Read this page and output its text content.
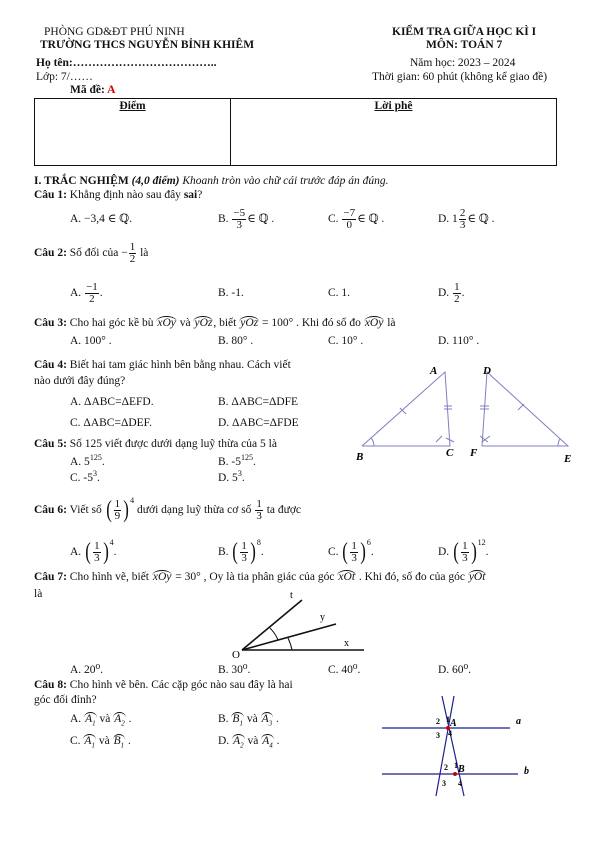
PHÒNG GD&ĐT PHÚ NINH
TRƯỜNG THCS NGUYỄN BỈNH KHIÊM
Họ tên:………………………………..
Lớp: 7/……
Mã đề: A
KIỂM TRA GIỮA HỌC KÌ I
MÔN: TOÁN 7
Năm học: 2023 – 2024
Thời gian: 60 phút (không kể giao đề)
Điểm	Lời phê
I. TRẮC NGHIỆM (4,0 điểm) Khoanh tròn vào chữ cái trước đáp án đúng.
Câu 1: Khẳng định nào sau đây sai?
A. −3,4 ∈ ℚ.	B. $\frac{-5}{3}$ ∈ ℚ .	C. $\frac{-7}{0}$ ∈ ℚ .	D. $1 \frac{2}{3}$ ∈ ℚ .
Câu 2: Số đối của − $\frac{1}{2}$ là
A. $\frac{-1}{2}$ .	B. -1.	C. 1.	D. $\frac{1}{2}$ .
Câu 3: Cho hai góc kề bù xOy và yOz, biết yOz = 100° . Khi đó số đo xOy là
A. 100° .	B. 80° .	C. 10° .	D. 110° .
Câu 4: Biết hai tam giác hình bên bằng nhau. Cách viết
nào dưới đây đúng?
A. ΔABC=ΔEFD.	B. ΔABC=ΔDFE
C. ΔABC=ΔDEF.	D. ΔABC=ΔFDE
A	D
B	C F	E
Câu 5: Số 125 viết được dưới dạng luỹ thừa của 5 là
A. $5^{125}$.	B. $-5^{125}$.
C. $-5^3$.	D. $5^3$.
Câu 6: Viết số ( $\frac{1}{9} )^4$ dưới dạng luỹ thừa cơ số $\frac{1}{3}$ ta được
A. ( $\frac{1}{3} )^4$.	B. ( $\frac{1}{3} )^8$.	C. ( $\frac{1}{3} )^6$.	D. ( $\frac{1}{3} )^{12}$.
Câu 7: Cho hình vẽ, biết xOy = 30° , Oy là tia phân giác của góc xOt . Khi đó, số đo của góc yOt
là	t
y
x
O
A. 20⁰.	B. 30⁰.	C. 40⁰.	D. 60⁰.
Câu 8: Cho hình vẽ bên. Các cặp góc nào sau đây là hai
góc đối đỉnh?
A. $A_1$ và $A_2$ .	B. $B_1$ và $A_3$ .
C. $A_1$ và $B_1$ .	D. $A_2$ và $A_4$ .
A
B
a
b
2 1
3 4
2 1
3 4
